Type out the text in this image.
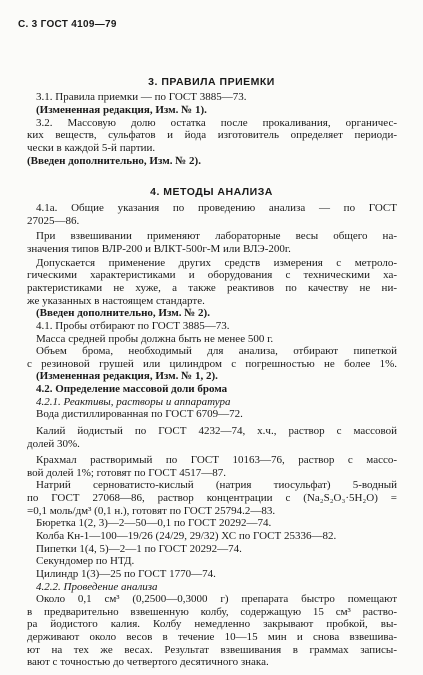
С. 3 ГОСТ 4109—79
3. ПРАВИЛА ПРИЕМКИ
3.1. Правила приемки — по ГОСТ 3885—73.
(Измененная редакция, Изм. № 1).
3.2. Массовую долю остатка после прокаливания, органичес-
ких веществ, сульфатов и йода изготовитель определяет периоди-
чески в каждой 5-й партии.
(Введен дополнительно, Изм. № 2).
4. МЕТОДЫ АНАЛИЗА
4.1а. Общие указания по проведению анализа — по ГОСТ
27025—86.
При взвешивании применяют лабораторные весы общего на-
значения типов ВЛР-200 и ВЛКТ-500г-М или ВЛЭ-200г.
Допускается применение других средств измерения с метроло-
гическими характеристиками и оборудования с техническими ха-
рактеристиками не хуже, а также реактивов по качеству не ни-
же указанных в настоящем стандарте.
(Введен дополнительно, Изм. № 2).
4.1. Пробы отбирают по ГОСТ 3885—73.
Масса средней пробы должна быть не менее 500 г.
Объем брома, необходимый для анализа, отбирают пипеткой
с резиновой грушей или цилиндром с погрешностью не более 1%.
(Измененная редакция, Изм. № 1, 2).
4.2. Определение массовой доли брома
4.2.1. Реактивы, растворы и аппаратура
Вода дистиллированная по ГОСТ 6709—72.
Калий йодистый по ГОСТ 4232—74, х.ч., раствор с массовой
долей 30%.
Крахмал растворимый по ГОСТ 10163—76, раствор с массо-
вой долей 1%; готовят по ГОСТ 4517—87.
Натрий серноватисто-кислый (натрия тиосульфат) 5-водный
по ГОСТ 27068—86, раствор концентрации с (Na₂S₂O₃·5H₂O) =
=0,1 моль/дм³ (0,1 н.), готовят по ГОСТ 25794.2—83.
Бюретка 1(2, 3)—2—50—0,1 по ГОСТ 20292—74.
Колба Кн-1—100—19/26 (24/29, 29/32) ХС по ГОСТ 25336—82.
Пипетки 1(4, 5)—2—1 по ГОСТ 20292—74.
Секундомер по НТД.
Цилиндр 1(3)—25 по ГОСТ 1770—74.
4.2.2. Проведение анализа
Около 0,1 см³ (0,2500—0,3000 г) препарата быстро помещают
в предварительно взвешенную колбу, содержащую 15 см³ раство-
ра йодистого калия. Колбу немедленно закрывают пробкой, вы-
держивают около весов в течение 10—15 мин и снова взвешива-
ют на тех же весах. Результат взвешивания в граммах записы-
вают с точностью до четвертого десятичного знака.
